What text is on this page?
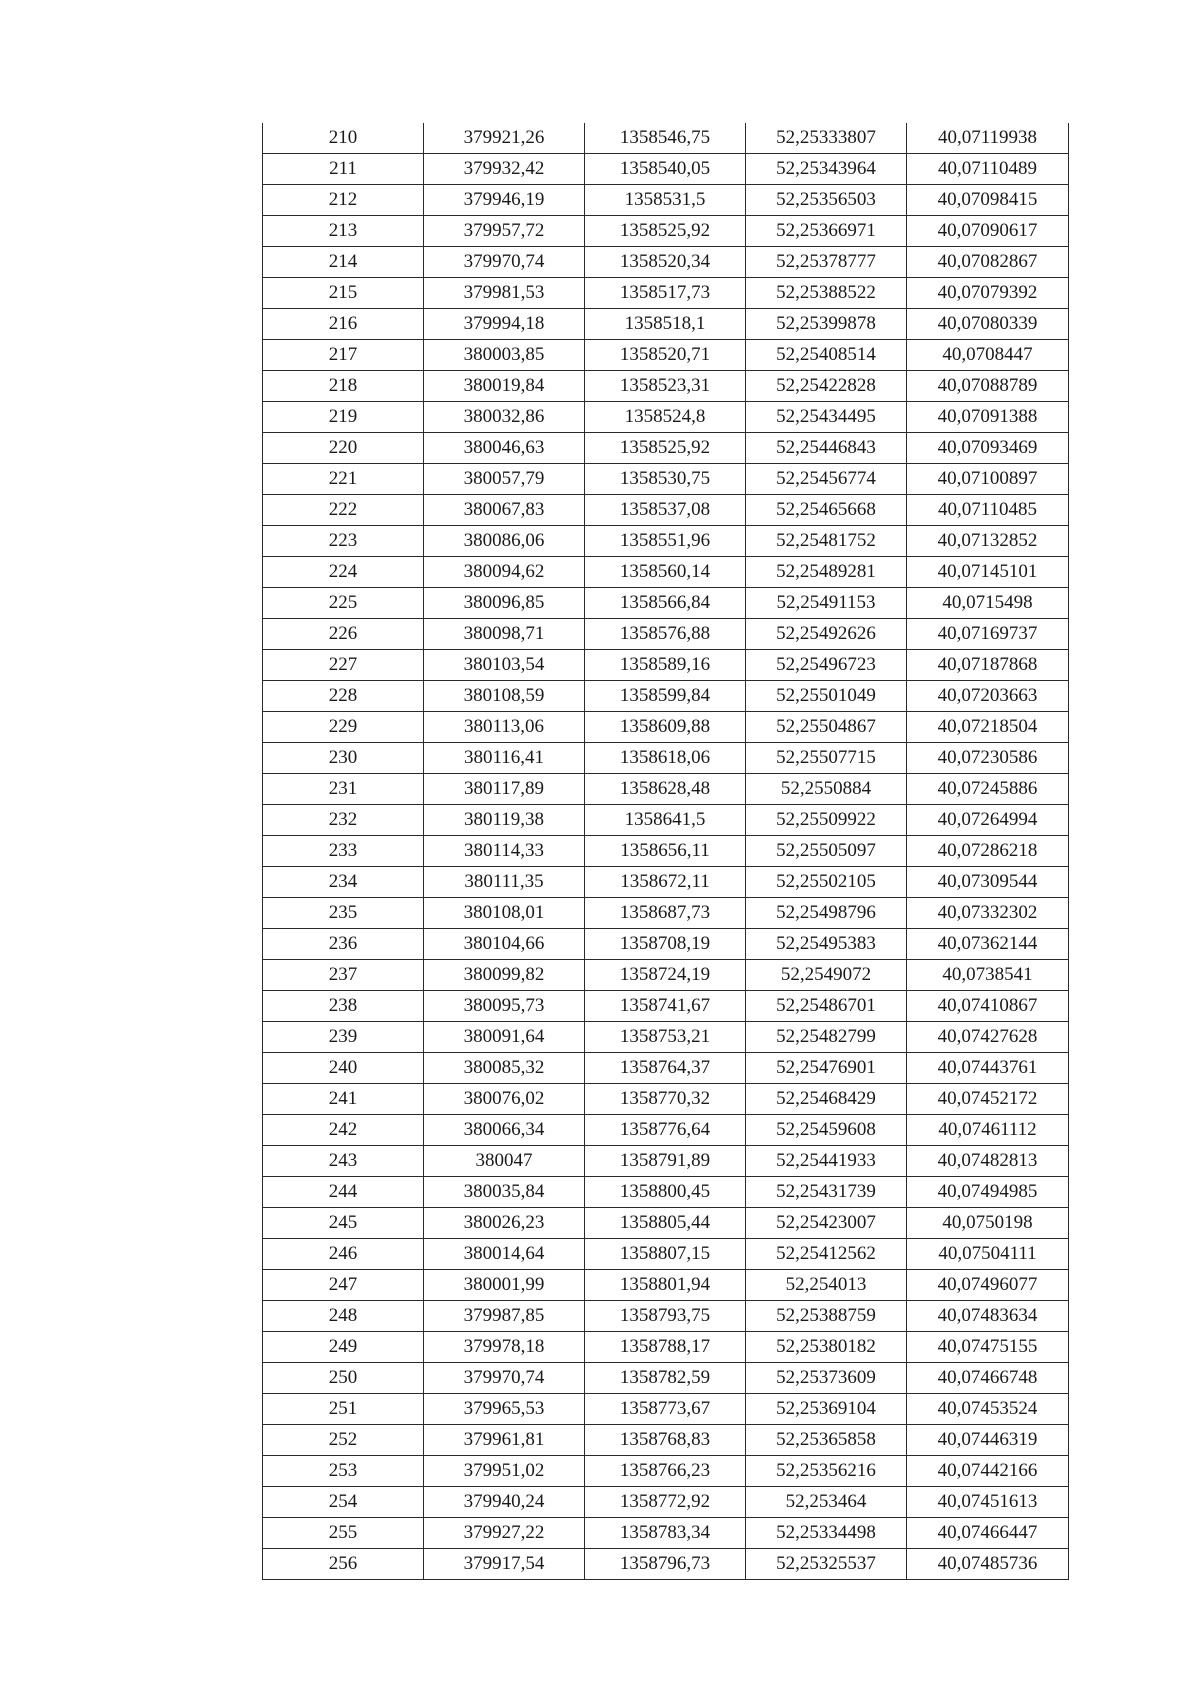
210	379921,26	1358546,75	52,25333807	40,07119938
211	379932,42	1358540,05	52,25343964	40,07110489
212	379946,19	1358531,5	52,25356503	40,07098415
213	379957,72	1358525,92	52,25366971	40,07090617
214	379970,74	1358520,34	52,25378777	40,07082867
215	379981,53	1358517,73	52,25388522	40,07079392
216	379994,18	1358518,1	52,25399878	40,07080339
217	380003,85	1358520,71	52,25408514	40,0708447
218	380019,84	1358523,31	52,25422828	40,07088789
219	380032,86	1358524,8	52,25434495	40,07091388
220	380046,63	1358525,92	52,25446843	40,07093469
221	380057,79	1358530,75	52,25456774	40,07100897
222	380067,83	1358537,08	52,25465668	40,07110485
223	380086,06	1358551,96	52,25481752	40,07132852
224	380094,62	1358560,14	52,25489281	40,07145101
225	380096,85	1358566,84	52,25491153	40,0715498
226	380098,71	1358576,88	52,25492626	40,07169737
227	380103,54	1358589,16	52,25496723	40,07187868
228	380108,59	1358599,84	52,25501049	40,07203663
229	380113,06	1358609,88	52,25504867	40,07218504
230	380116,41	1358618,06	52,25507715	40,07230586
231	380117,89	1358628,48	52,2550884	40,07245886
232	380119,38	1358641,5	52,25509922	40,07264994
233	380114,33	1358656,11	52,25505097	40,07286218
234	380111,35	1358672,11	52,25502105	40,07309544
235	380108,01	1358687,73	52,25498796	40,07332302
236	380104,66	1358708,19	52,25495383	40,07362144
237	380099,82	1358724,19	52,2549072	40,0738541
238	380095,73	1358741,67	52,25486701	40,07410867
239	380091,64	1358753,21	52,25482799	40,07427628
240	380085,32	1358764,37	52,25476901	40,07443761
241	380076,02	1358770,32	52,25468429	40,07452172
242	380066,34	1358776,64	52,25459608	40,07461112
243	380047	1358791,89	52,25441933	40,07482813
244	380035,84	1358800,45	52,25431739	40,07494985
245	380026,23	1358805,44	52,25423007	40,0750198
246	380014,64	1358807,15	52,25412562	40,07504111
247	380001,99	1358801,94	52,254013	40,07496077
248	379987,85	1358793,75	52,25388759	40,07483634
249	379978,18	1358788,17	52,25380182	40,07475155
250	379970,74	1358782,59	52,25373609	40,07466748
251	379965,53	1358773,67	52,25369104	40,07453524
252	379961,81	1358768,83	52,25365858	40,07446319
253	379951,02	1358766,23	52,25356216	40,07442166
254	379940,24	1358772,92	52,253464	40,07451613
255	379927,22	1358783,34	52,25334498	40,07466447
256	379917,54	1358796,73	52,25325537	40,07485736
